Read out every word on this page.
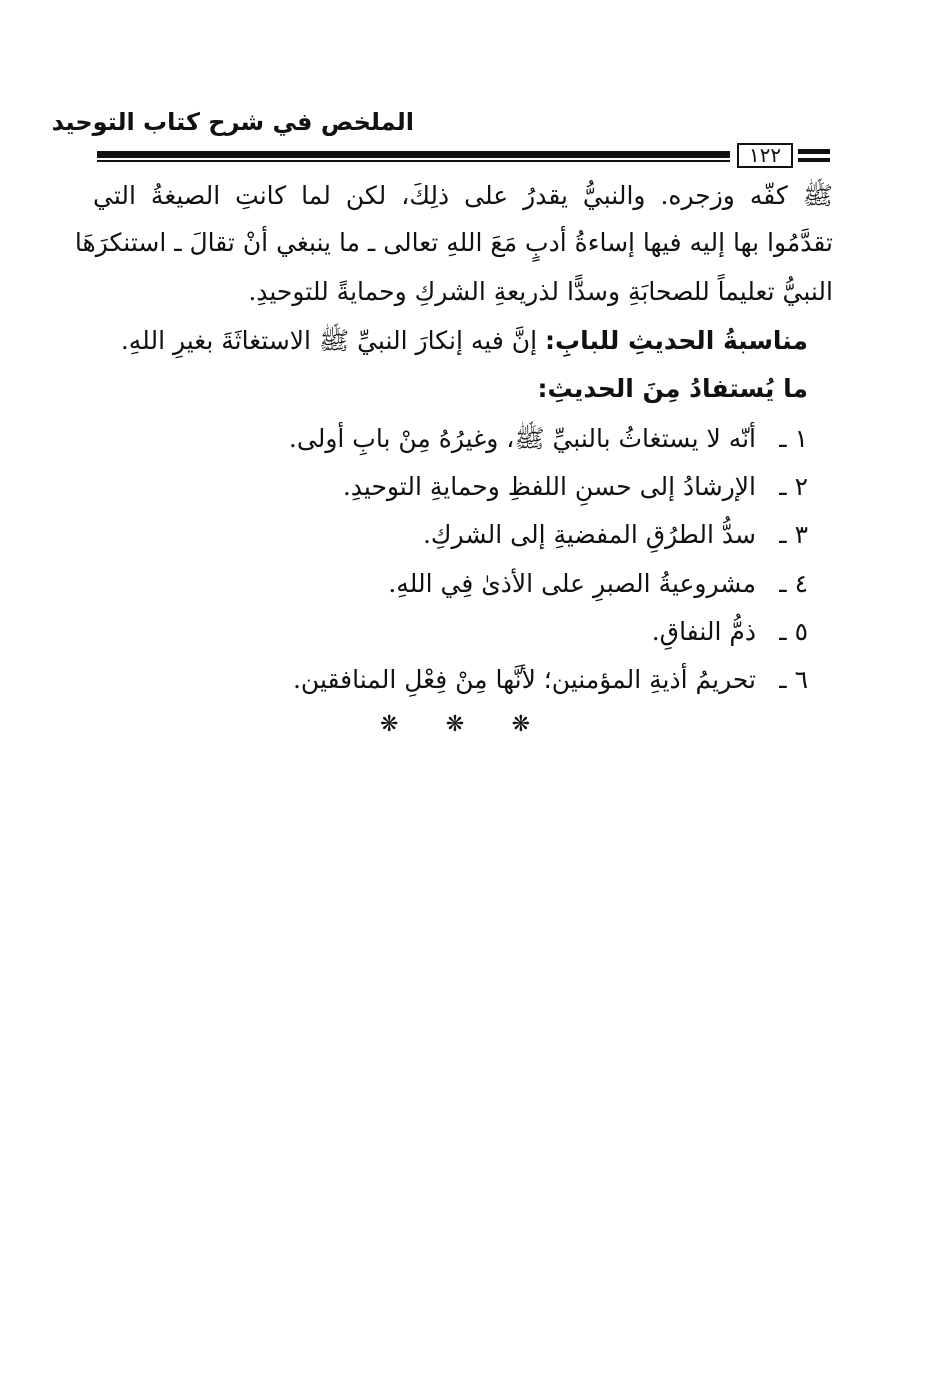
الملخص في شرح كتاب التوحيد
١٢٢
ﷺ كفّه وزجره. والنبيُّ يقدرُ على ذلِكَ، لكن لما كانتِ الصيغةُ التي
تقدَّمُوا بها إليه فيها إساءةُ أدبٍ مَعَ اللهِ تعالى ـ ما ينبغي أنْ تقالَ ـ استنكرَهَا
النبيُّ تعليماً للصحابَةِ وسدًّا لذريعةِ الشركِ وحمايةً للتوحيدِ.
مناسبةُ الحديثِ للبابِ: إنَّ فيه إنكارَ النبيِّ ﷺ الاستغاثَةَ بغيرِ اللهِ.
ما يُستفادُ مِنَ الحديثِ:
١ ـأنّه لا يستغاثُ بالنبيِّ ﷺ، وغيرُهُ مِنْ بابِ أولى.
٢ ـالإرشادُ إلى حسنِ اللفظِ وحمايةِ التوحيدِ.
٣ ـسدُّ الطرُقِ المفضيةِ إلى الشركِ.
٤ ـمشروعيةُ الصبرِ على الأذىٰ فِي اللهِ.
٥ ـذمُّ النفاقِ.
٦ ـتحريمُ أذيةِ المؤمنين؛ لأنَّها مِنْ فِعْلِ المنافقين.
❋ ❋ ❋
